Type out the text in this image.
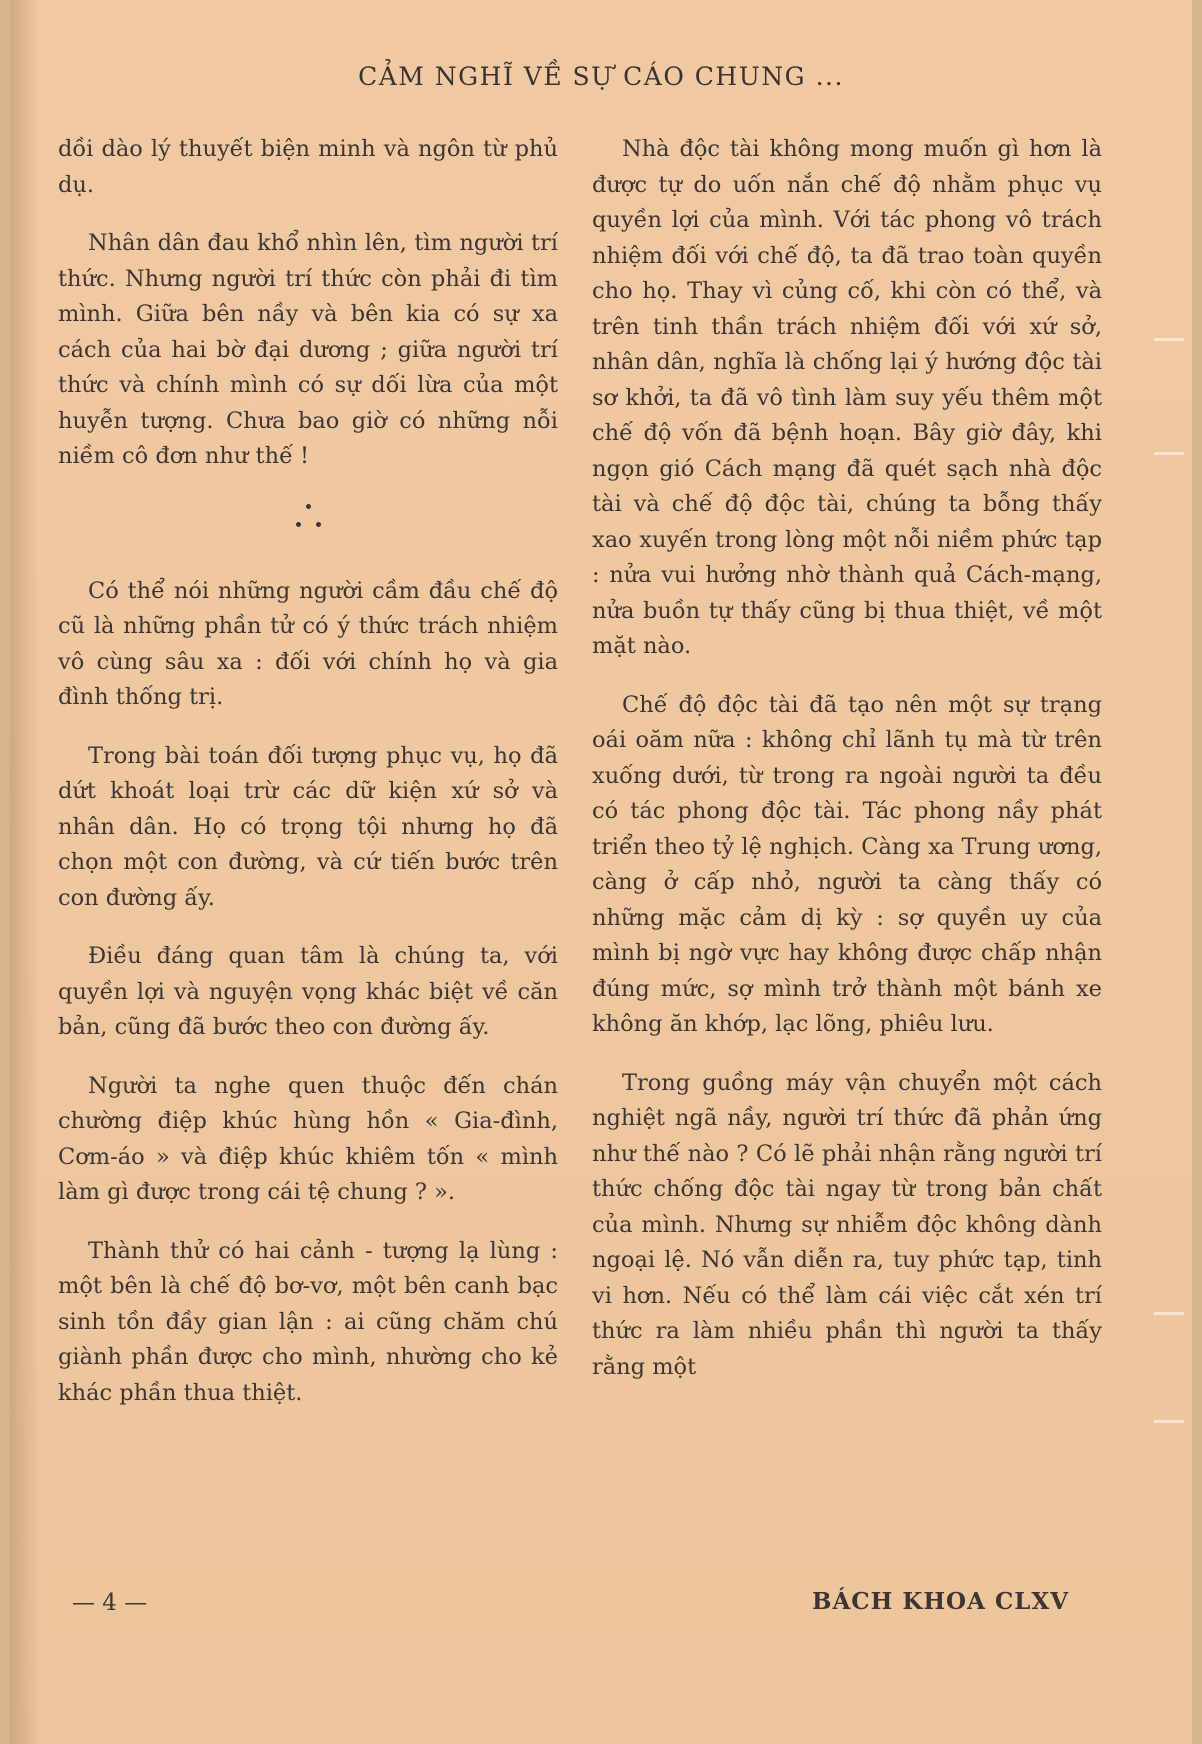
CẢM NGHĨ VỀ SỰ CÁO CHUNG ...

dồi dào lý thuyết biện minh và ngôn từ phủ dụ.

Nhân dân đau khổ nhìn lên, tìm người trí thức. Nhưng người trí thức còn phải đi tìm mình. Giữa bên nầy và bên kia có sự xa cách của hai bờ đại dương ; giữa người trí thức và chính mình có sự dối lừa của một huyễn tượng. Chưa bao giờ có những nỗi niềm cô đơn như thế !

Có thể nói những người cầm đầu chế độ cũ là những phần tử có ý thức trách nhiệm vô cùng sâu xa : đối với chính họ và gia đình thống trị.

Trong bài toán đối tượng phục vụ, họ đã dứt khoát loại trừ các dữ kiện xứ sở và nhân dân. Họ có trọng tội nhưng họ đã chọn một con đường, và cứ tiến bước trên con đường ấy.

Điều đáng quan tâm là chúng ta, với quyền lợi và nguyện vọng khác biệt về căn bản, cũng đã bước theo con đường ấy.

Người ta nghe quen thuộc đến chán chường điệp khúc hùng hồn « Gia-đình, Cơm-áo » và điệp khúc khiêm tốn « mình làm gì được trong cái tệ chung ? ».

Thành thử có hai cảnh - tượng lạ lùng : một bên là chế độ bơ-vơ, một bên canh bạc sinh tồn đầy gian lận : ai cũng chăm chú giành phần được cho mình, nhường cho kẻ khác phần thua thiệt.

Nhà độc tài không mong muốn gì hơn là được tự do uốn nắn chế độ nhằm phục vụ quyền lợi của mình. Với tác phong vô trách nhiệm đối với chế độ, ta đã trao toàn quyền cho họ. Thay vì củng cố, khi còn có thể, và trên tinh thần trách nhiệm đối với xứ sở, nhân dân, nghĩa là chống lại ý hướng độc tài sơ khởi, ta đã vô tình làm suy yếu thêm một chế độ vốn đã bệnh hoạn. Bây giờ đây, khi ngọn gió Cách mạng đã quét sạch nhà độc tài và chế độ độc tài, chúng ta bỗng thấy xao xuyến trong lòng một nỗi niềm phức tạp : nửa vui hưởng nhờ thành quả Cách-mạng, nửa buồn tự thấy cũng bị thua thiệt, về một mặt nào.

Chế độ độc tài đã tạo nên một sự trạng oái oăm nữa : không chỉ lãnh tụ mà từ trên xuống dưới, từ trong ra ngoài người ta đều có tác phong độc tài. Tác phong nầy phát triển theo tỷ lệ nghịch. Càng xa Trung ương, càng ở cấp nhỏ, người ta càng thấy có những mặc cảm dị kỳ : sợ quyền uy của mình bị ngờ vực hay không được chấp nhận đúng mức, sợ mình trở thành một bánh xe không ăn khớp, lạc lõng, phiêu lưu.

Trong guồng máy vận chuyển một cách nghiệt ngã nầy, người trí thức đã phản ứng như thế nào ? Có lẽ phải nhận rằng người trí thức chống độc tài ngay từ trong bản chất của mình. Nhưng sự nhiễm độc không dành ngoại lệ. Nó vẫn diễn ra, tuy phức tạp, tinh vi hơn. Nếu có thể làm cái việc cắt xén trí thức ra làm nhiều phần thì người ta thấy rằng một

— 4 —	BÁCH KHOA CLXV
